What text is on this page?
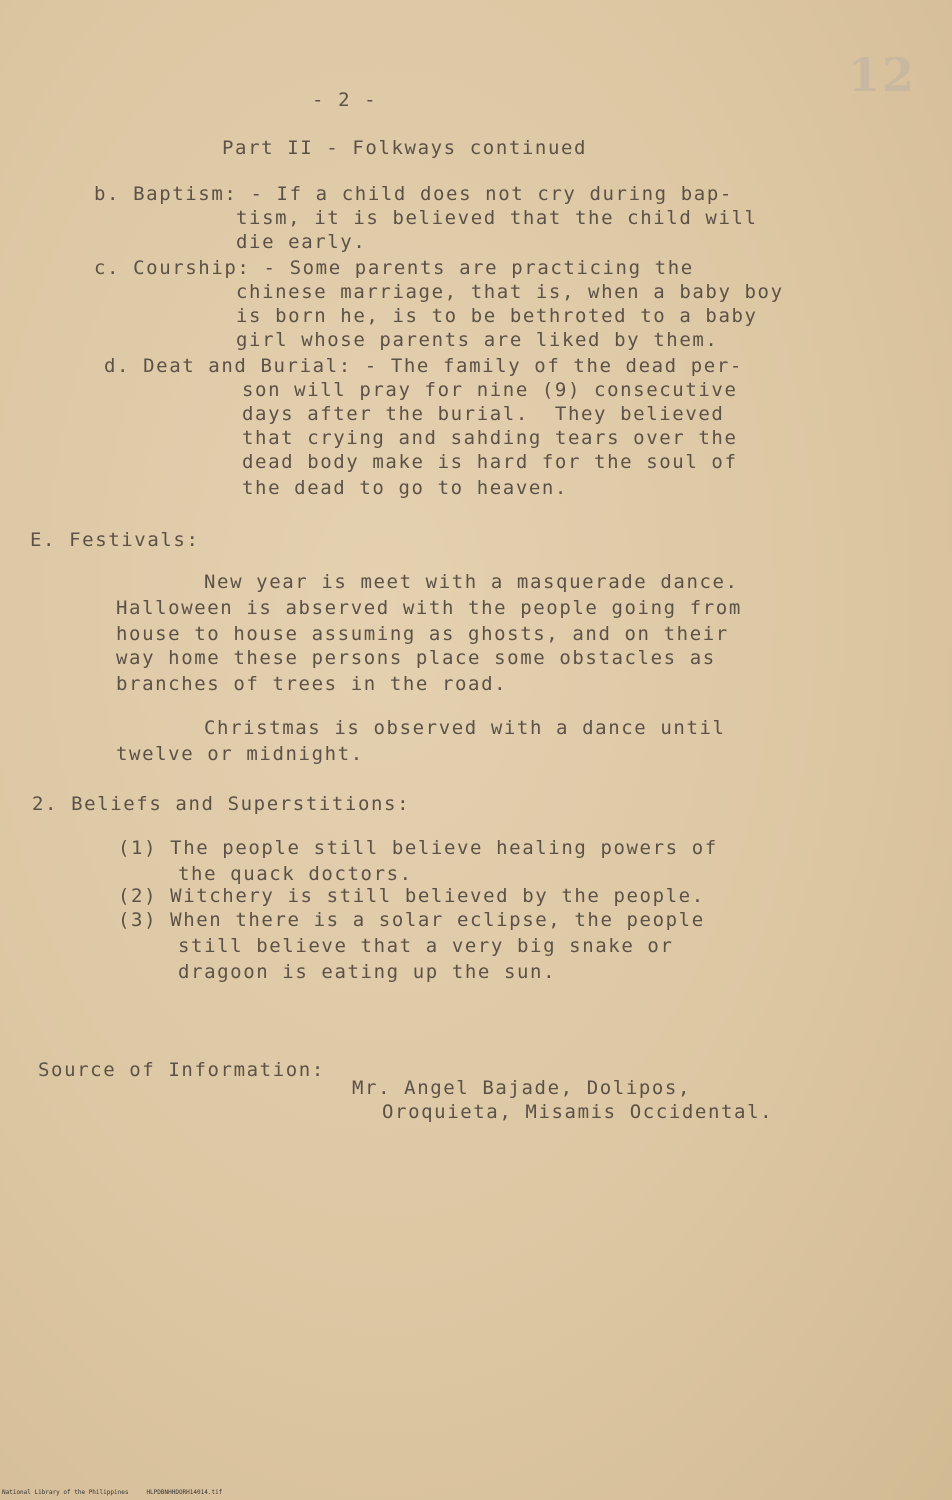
12
- 2 -
Part II - Folkways continued
b. Baptism: - If a child does not cry during bap-
tism, it is believed that the child will
die early.
c. Courship: - Some parents are practicing the
chinese marriage, that is, when a baby boy
is born he, is to be bethroted to a baby
girl whose parents are liked by them.
d. Deat and Burial: - The family of the dead per-
son will pray for nine (9) consecutive
days after the burial.  They believed
that crying and sahding tears over the
dead body make is hard for the soul of
the dead to go to heaven.
E. Festivals:
New year is meet with a masquerade dance.
Halloween is abserved with the people going from
house to house assuming as ghosts, and on their
way home these persons place some obstacles as
branches of trees in the road.
Christmas is observed with a dance until
twelve or midnight.
2. Beliefs and Superstitions:
(1) The people still believe healing powers of
the quack doctors.
(2) Witchery is still believed by the people.
(3) When there is a solar eclipse, the people
still believe that a very big snake or
dragoon is eating up the sun.
Source of Information:
Mr. Angel Bajade, Dolipos,
Oroquieta, Misamis Occidental.
National Library of the Philippines	HLPDBNHHDORH14014.tif
